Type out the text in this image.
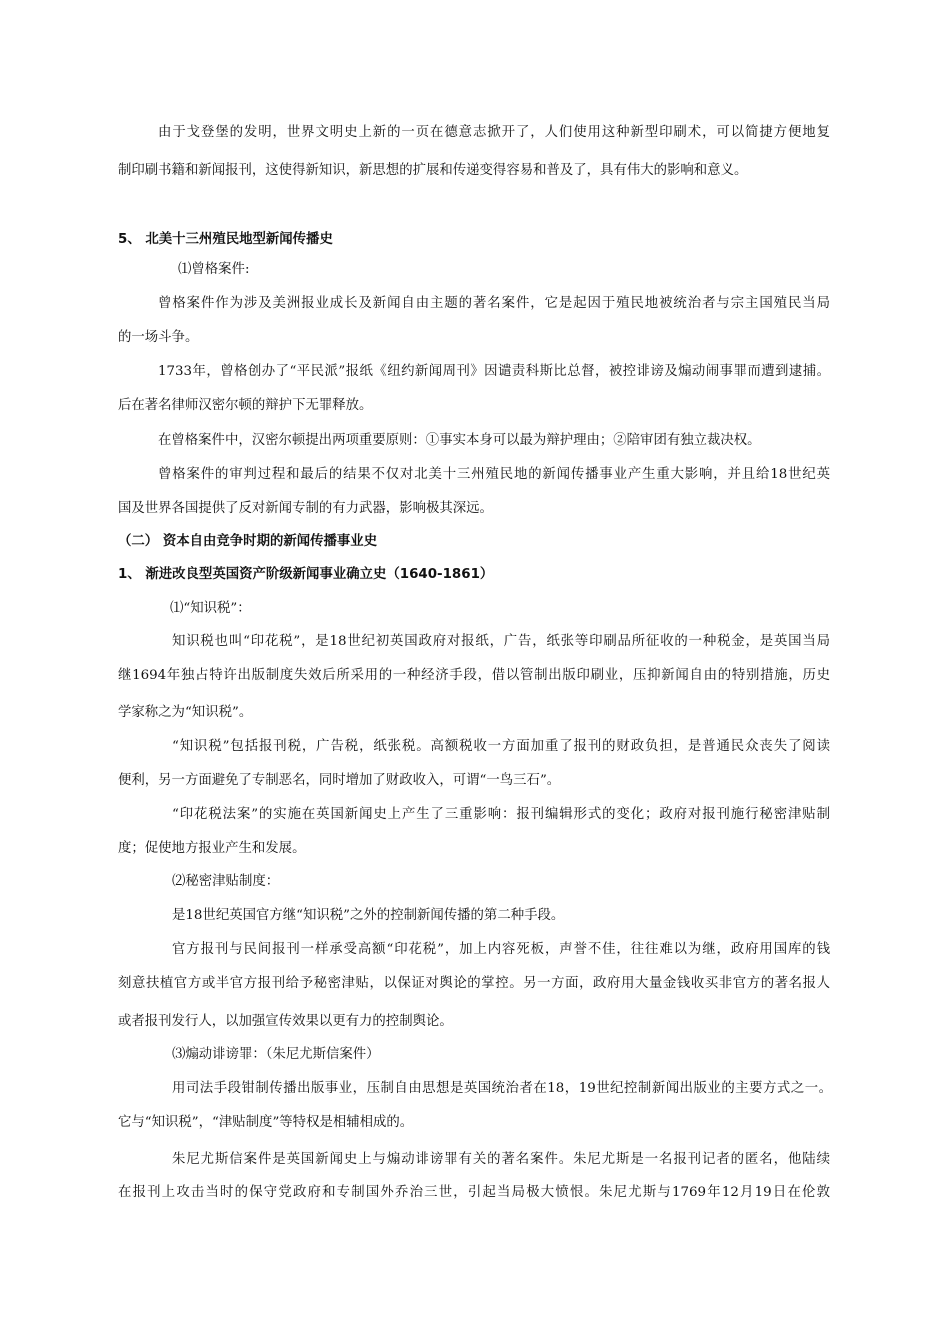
由于戈登堡的发明，世界文明史上新的一页在德意志掀开了，人们使用这种新型印刷术，可以简捷方便地复

制印刷书籍和新闻报刊，这使得新知识，新思想的扩展和传递变得容易和普及了，具有伟大的影响和意义。

5、 北美十三州殖民地型新闻传播史

⑴曾格案件:

曾格案件作为涉及美洲报业成长及新闻自由主题的著名案件，它是起因于殖民地被统治者与宗主国殖民当局

的一场斗争。

1733年，曾格创办了“平民派”报纸《纽约新闻周刊》因谴责科斯比总督，被控诽谤及煽动闹事罪而遭到逮捕。

后在著名律师汉密尔顿的辩护下无罪释放。

在曾格案件中，汉密尔顿提出两项重要原则：①事实本身可以最为辩护理由；②陪审团有独立裁决权。

曾格案件的审判过程和最后的结果不仅对北美十三州殖民地的新闻传播事业产生重大影响，并且给18世纪英

国及世界各国提供了反对新闻专制的有力武器，影响极其深远。

（二） 资本自由竞争时期的新闻传播事业史

1、 渐进改良型英国资产阶级新闻事业确立史（1640-1861）

⑴“知识税”：

知识税也叫“印花税”，是18世纪初英国政府对报纸，广告，纸张等印刷品所征收的一种税金，是英国当局

继1694年独占特许出版制度失效后所采用的一种经济手段，借以管制出版印刷业，压抑新闻自由的特别措施，历史

学家称之为“知识税”。

“知识税”包括报刊税，广告税，纸张税。高额税收一方面加重了报刊的财政负担，是普通民众丧失了阅读

便利，另一方面避免了专制恶名，同时增加了财政收入，可谓“一鸟三石”。

“印花税法案”的实施在英国新闻史上产生了三重影响：报刊编辑形式的变化；政府对报刊施行秘密津贴制

度；促使地方报业产生和发展。

⑵秘密津贴制度：

是18世纪英国官方继“知识税”之外的控制新闻传播的第二种手段。

官方报刊与民间报刊一样承受高额“印花税”，加上内容死板，声誉不佳，往往难以为继，政府用国库的钱

刻意扶植官方或半官方报刊给予秘密津贴，以保证对舆论的掌控。另一方面，政府用大量金钱收买非官方的著名报人

或者报刊发行人，以加强宣传效果以更有力的控制舆论。

⑶煽动诽谤罪：（朱尼尤斯信案件）

用司法手段钳制传播出版事业，压制自由思想是英国统治者在18，19世纪控制新闻出版业的主要方式之一。

它与“知识税”，“津贴制度”等特权是相辅相成的。

朱尼尤斯信案件是英国新闻史上与煽动诽谤罪有关的著名案件。朱尼尤斯是一名报刊记者的匿名，他陆续

在报刊上攻击当时的保守党政府和专制国外乔治三世，引起当局极大愤恨。朱尼尤斯与1769年12月19日在伦敦
